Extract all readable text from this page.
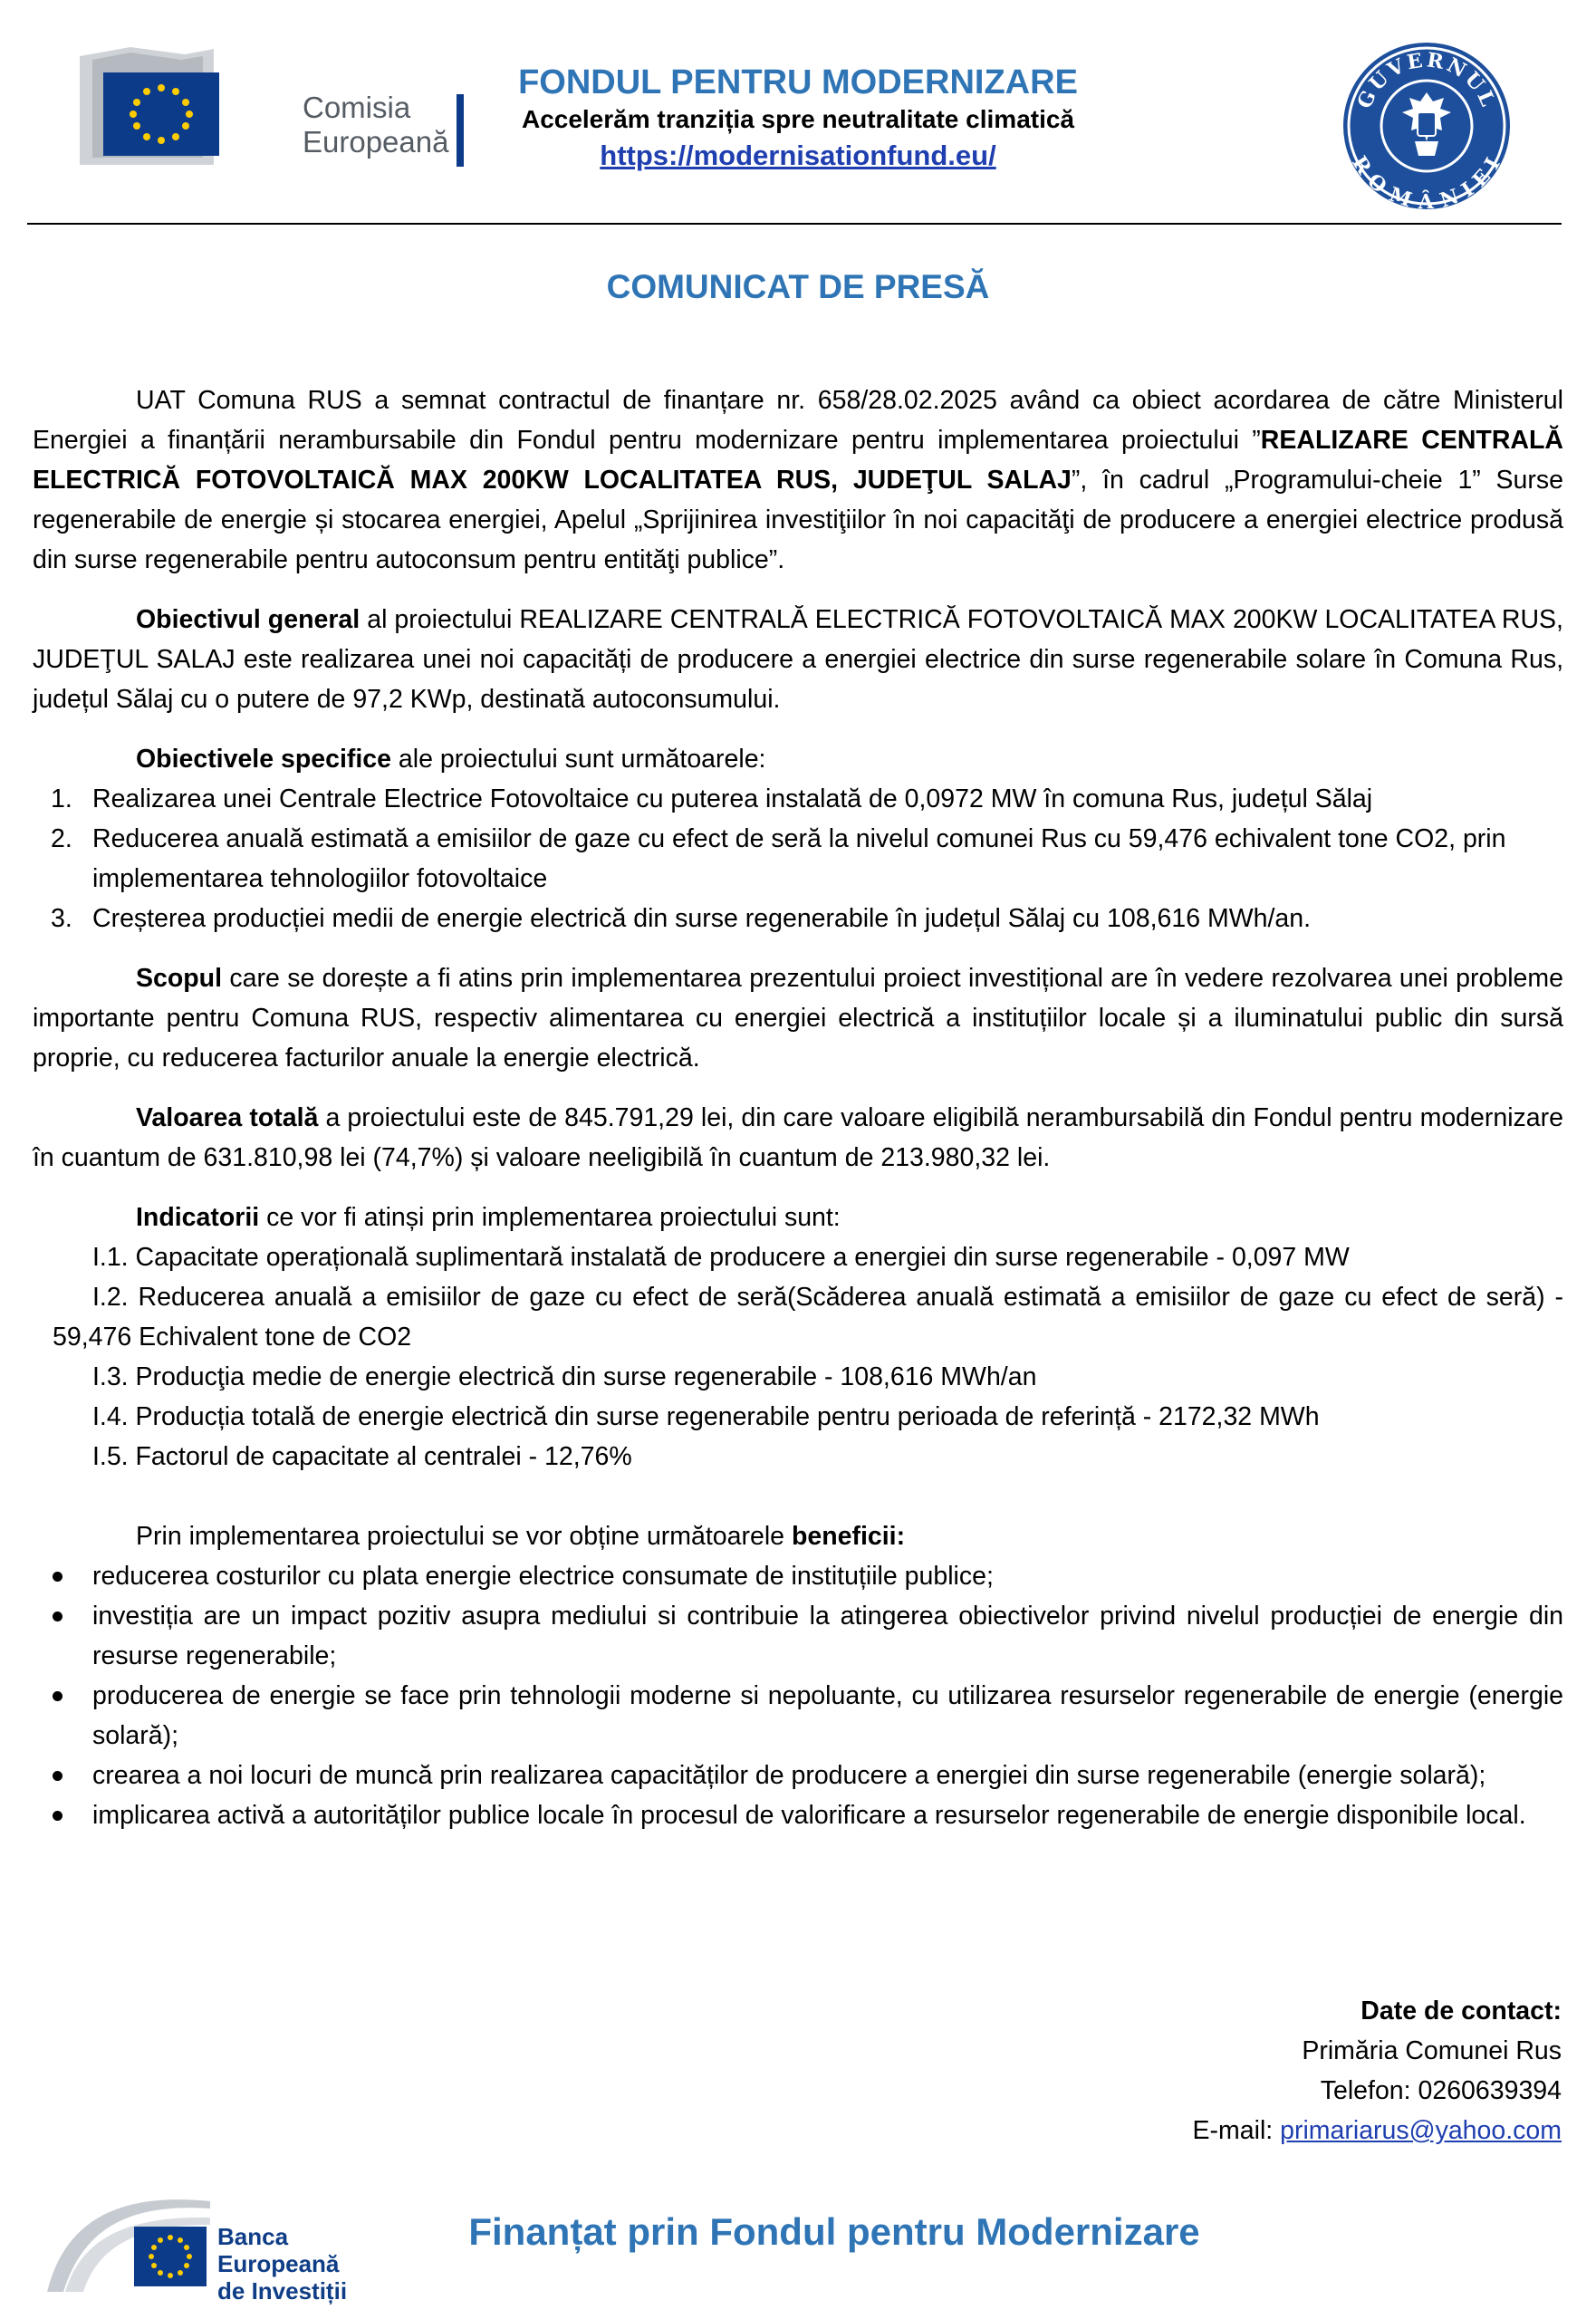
Comisia
Europeană
FONDUL PENTRU MODERNIZARE
Accelerăm tranziția spre neutralitate climatică
https://modernisationfund.eu/
GUVERNUL
ROMÂNIEI
COMUNICAT DE PRESĂ

UAT Comuna RUS a semnat contractul de finanțare nr. 658/28.02.2025 având ca obiect acordarea de către Ministerul Energiei a finanțării nerambursabile din Fondul pentru modernizare pentru implementarea proiectului ”REALIZARE CENTRALĂ ELECTRICĂ FOTOVOLTAICĂ MAX 200KW LOCALITATEA RUS, JUDEŢUL SALAJ”, în cadrul „Programului-cheie 1” Surse regenerabile de energie și stocarea energiei, Apelul „Sprijinirea investiţiilor în noi capacităţi de producere a energiei electrice produsă din surse regenerabile pentru autoconsum pentru entităţi publice”.

Obiectivul general al proiectului REALIZARE CENTRALĂ ELECTRICĂ FOTOVOLTAICĂ MAX 200KW LOCALITATEA RUS, JUDEŢUL SALAJ este realizarea unei noi capacități de producere a energiei electrice din surse regenerabile solare în Comuna Rus, județul Sălaj cu o putere de 97,2 KWp, destinată autoconsumului.

Obiectivele specifice ale proiectului sunt următoarele:

1. Realizarea unei Centrale Electrice Fotovoltaice cu puterea instalată de 0,0972 MW în comuna Rus, județul Sălaj
2. Reducerea anuală estimată a emisiilor de gaze cu efect de seră la nivelul comunei Rus cu 59,476 echivalent tone CO2, prin implementarea tehnologiilor fotovoltaice
3. Creșterea producției medii de energie electrică din surse regenerabile în județul Sălaj cu 108,616 MWh/an.

Scopul care se dorește a fi atins prin implementarea prezentului proiect investițional are în vedere rezolvarea unei probleme importante pentru Comuna RUS, respectiv alimentarea cu energiei electrică a instituțiilor locale și a iluminatului public din sursă proprie, cu reducerea facturilor anuale la energie electrică.

Valoarea totală a proiectului este de 845.791,29 lei, din care valoare eligibilă nerambursabilă din Fondul pentru modernizare în cuantum de 631.810,98 lei (74,7%) și valoare neeligibilă în cuantum de 213.980,32 lei.

Indicatorii ce vor fi atinși prin implementarea proiectului sunt:

I.1. Capacitate operațională suplimentară instalată de producere a energiei din surse regenerabile - 0,097 MW

I.2. Reducerea anuală a emisiilor de gaze cu efect de seră(Scăderea anuală estimată a emisiilor de gaze cu efect de seră) - 59,476 Echivalent tone de CO2

I.3. Producţia medie de energie electrică din surse regenerabile - 108,616 MWh/an

I.4. Producția totală de energie electrică din surse regenerabile pentru perioada de referință - 2172,32 MWh

I.5. Factorul de capacitate al centralei - 12,76%

Prin implementarea proiectului se vor obține următoarele beneficii:

reducerea costurilor cu plata energie electrice consumate de instituțiile publice;
investiția are un impact pozitiv asupra mediului si contribuie la atingerea obiectivelor privind nivelul producției de energie din resurse regenerabile;
producerea de energie se face prin tehnologii moderne si nepoluante, cu utilizarea resurselor regenerabile de energie (energie solară);
crearea a noi locuri de muncă prin realizarea capacităților de producere a energiei din surse regenerabile (energie solară);
implicarea activă a autorităților publice locale în procesul de valorificare a resurselor regenerabile de energie disponibile local.
Date de contact:
Primăria Comunei Rus
Telefon: 0260639394
E-mail: primariarus@yahoo.com
Banca Europeană
de Investiții
Finanțat prin Fondul pentru Modernizare
